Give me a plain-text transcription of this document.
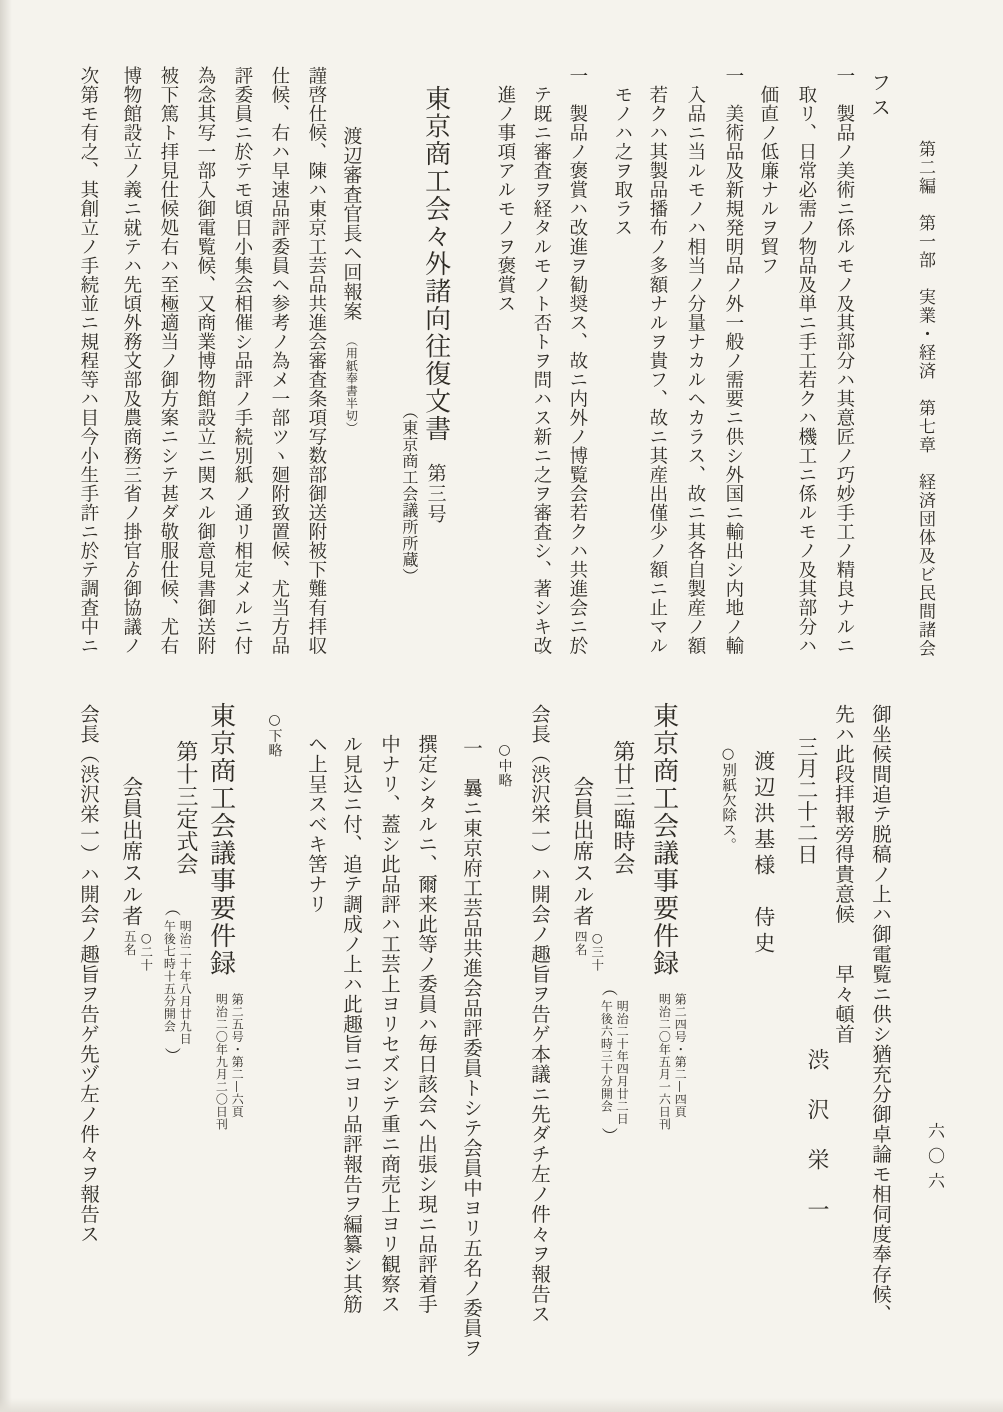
第二編　第一部　実業・経済　第七章　経済団体及ビ民間諸会
六〇六
フス
一　製品ノ美術ニ係ルモノ及其部分ハ其意匠ノ巧妙手工ノ精良ナルニ
取リ、日常必需ノ物品及単ニ手工若クハ機工ニ係ルモノ及其部分ハ
価直ノ低廉ナルヲ貿フ
一　美術品及新規発明品ノ外一般ノ需要ニ供シ外国ニ輸出シ内地ノ輸
入品ニ当ルモノハ相当ノ分量ナカルヘカラス、故ニ其各自製産ノ額
若クハ其製品播布ノ多額ナルヲ貴フ、故ニ其産出僅少ノ額ニ止マル
モノハ之ヲ取ラス
一　製品ノ褒賞ハ改進ヲ勧奨ス、故ニ内外ノ博覧会若クハ共進会ニ於
テ既ニ審査ヲ経タルモノト否トヲ問ハス新ニ之ヲ審査シ、著シキ改
進ノ事項アルモノヲ褒賞ス
東京商工会々外諸向往復文書　第三号
（東京商工会議所所蔵）
渡辺審査官長ヘ回報案　（用紙奉書半切）
謹啓仕候、陳ハ東京工芸品共進会審査条項写数部御送附被下難有拝収
仕候、右ハ早速品評委員ヘ参考ノ為メ一部ツヽ廻附致置候、尤当方品
評委員ニ於テモ頃日小集会相催シ品評ノ手続別紙ノ通リ相定メルニ付
為念其写一部入御電覧候、又商業博物館設立ニ関スル御意見書御送附
被下篤ト拝見仕候処右ハ至極適当ノ御方案ニシテ甚ダ敬服仕候、尤右
博物館設立ノ義ニ就テハ先頃外務文部及農商務三省ノ掛官ゟ御協議ノ
次第モ有之、其創立ノ手続並ニ規程等ハ目今小生手許ニ於テ調査中ニ
御坐候間追テ脱稿ノ上ハ御電覧ニ供シ猶充分御卓論モ相伺度奉存候、
先ハ此段拝報旁得貴意候　　早々頓首
三月二十二日
渋沢栄一
渡辺洪基様　侍史
○別紙欠除ス。
東京商工会議事要件録
第二四号・第二—四頁
明治二〇年五月一六日刊
第廿三臨時会
（
明治二十年四月廿二日
午後六時三十分開会
）
会員出席スル者
○三十
四名
会長（渋沢栄一）ハ開会ノ趣旨ヲ告ゲ本議ニ先ダチ左ノ件々ヲ報告ス
○中略
一　曩ニ東京府工芸品共進会品評委員トシテ会員中ヨリ五名ノ委員ヲ
撰定シタルニ、爾来此等ノ委員ハ毎日該会ヘ出張シ現ニ品評着手
中ナリ、蓋シ此品評ハ工芸上ヨリセズシテ重ニ商売上ヨリ観察ス
ル見込ニ付、追テ調成ノ上ハ此趣旨ニヨリ品評報告ヲ編纂シ其筋
ヘ上呈スベキ筈ナリ
○下略
東京商工会議事要件録
第二五号・第二—六頁
明治二〇年九月二〇日刊
第十三定式会
（
明治二十年八月廿九日
午後七時十五分開会
）
会員出席スル者
○二十
五名
会長（渋沢栄一）ハ開会ノ趣旨ヲ告ゲ先ヅ左ノ件々ヲ報告ス
